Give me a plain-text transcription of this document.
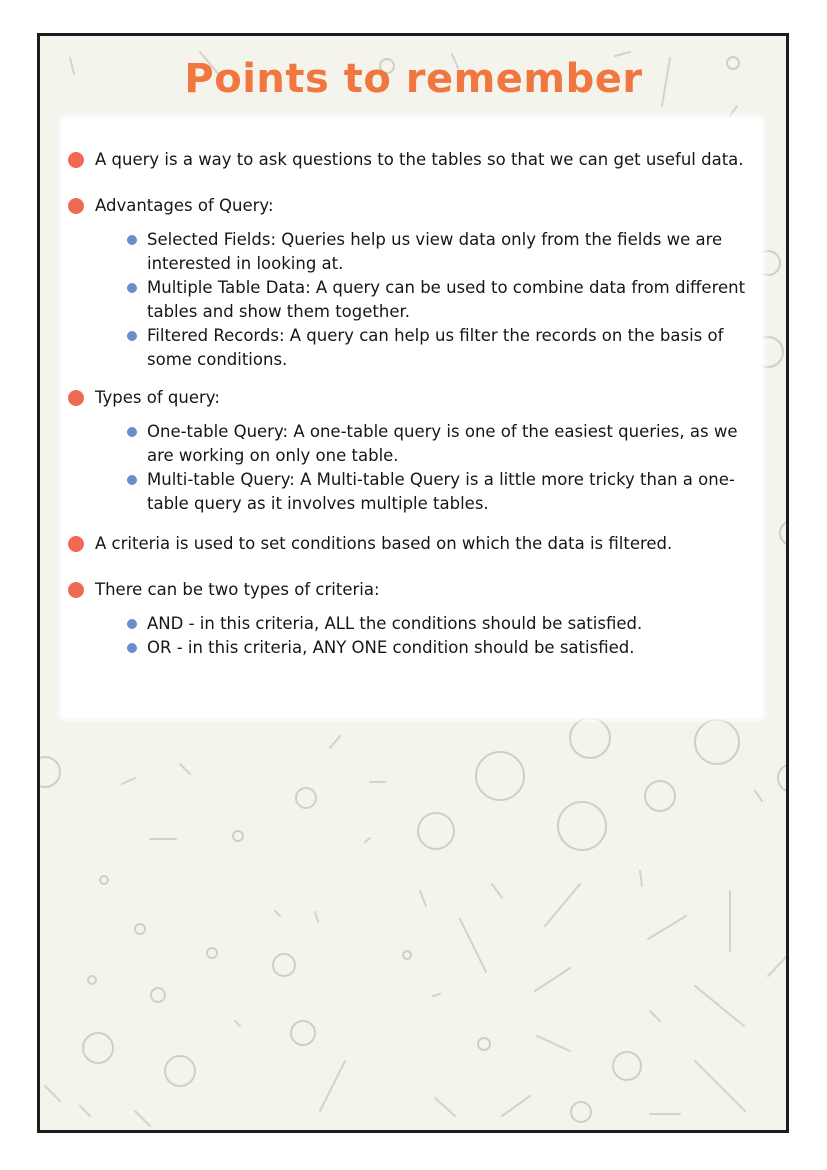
Points to remember
A query is a way to ask questions to the tables so that we can get useful data.
Advantages of Query:
Selected Fields: Queries help us view data only from the fields we are interested in looking at.
Multiple Table Data: A query can be used to combine data from different tables and show them together.
Filtered Records: A query can help us filter the records on the basis of some conditions.
Types of query:
One-table Query: A one-table query is one of the easiest queries, as we are working on only one table.
Multi-table Query: A Multi-table Query is a little more tricky than a one-table query as it involves multiple tables.
A criteria is used to set conditions based on which the data is filtered.
There can be two types of criteria:
AND - in this criteria, ALL the conditions should be satisfied.
OR - in this criteria, ANY ONE condition should be satisfied.
